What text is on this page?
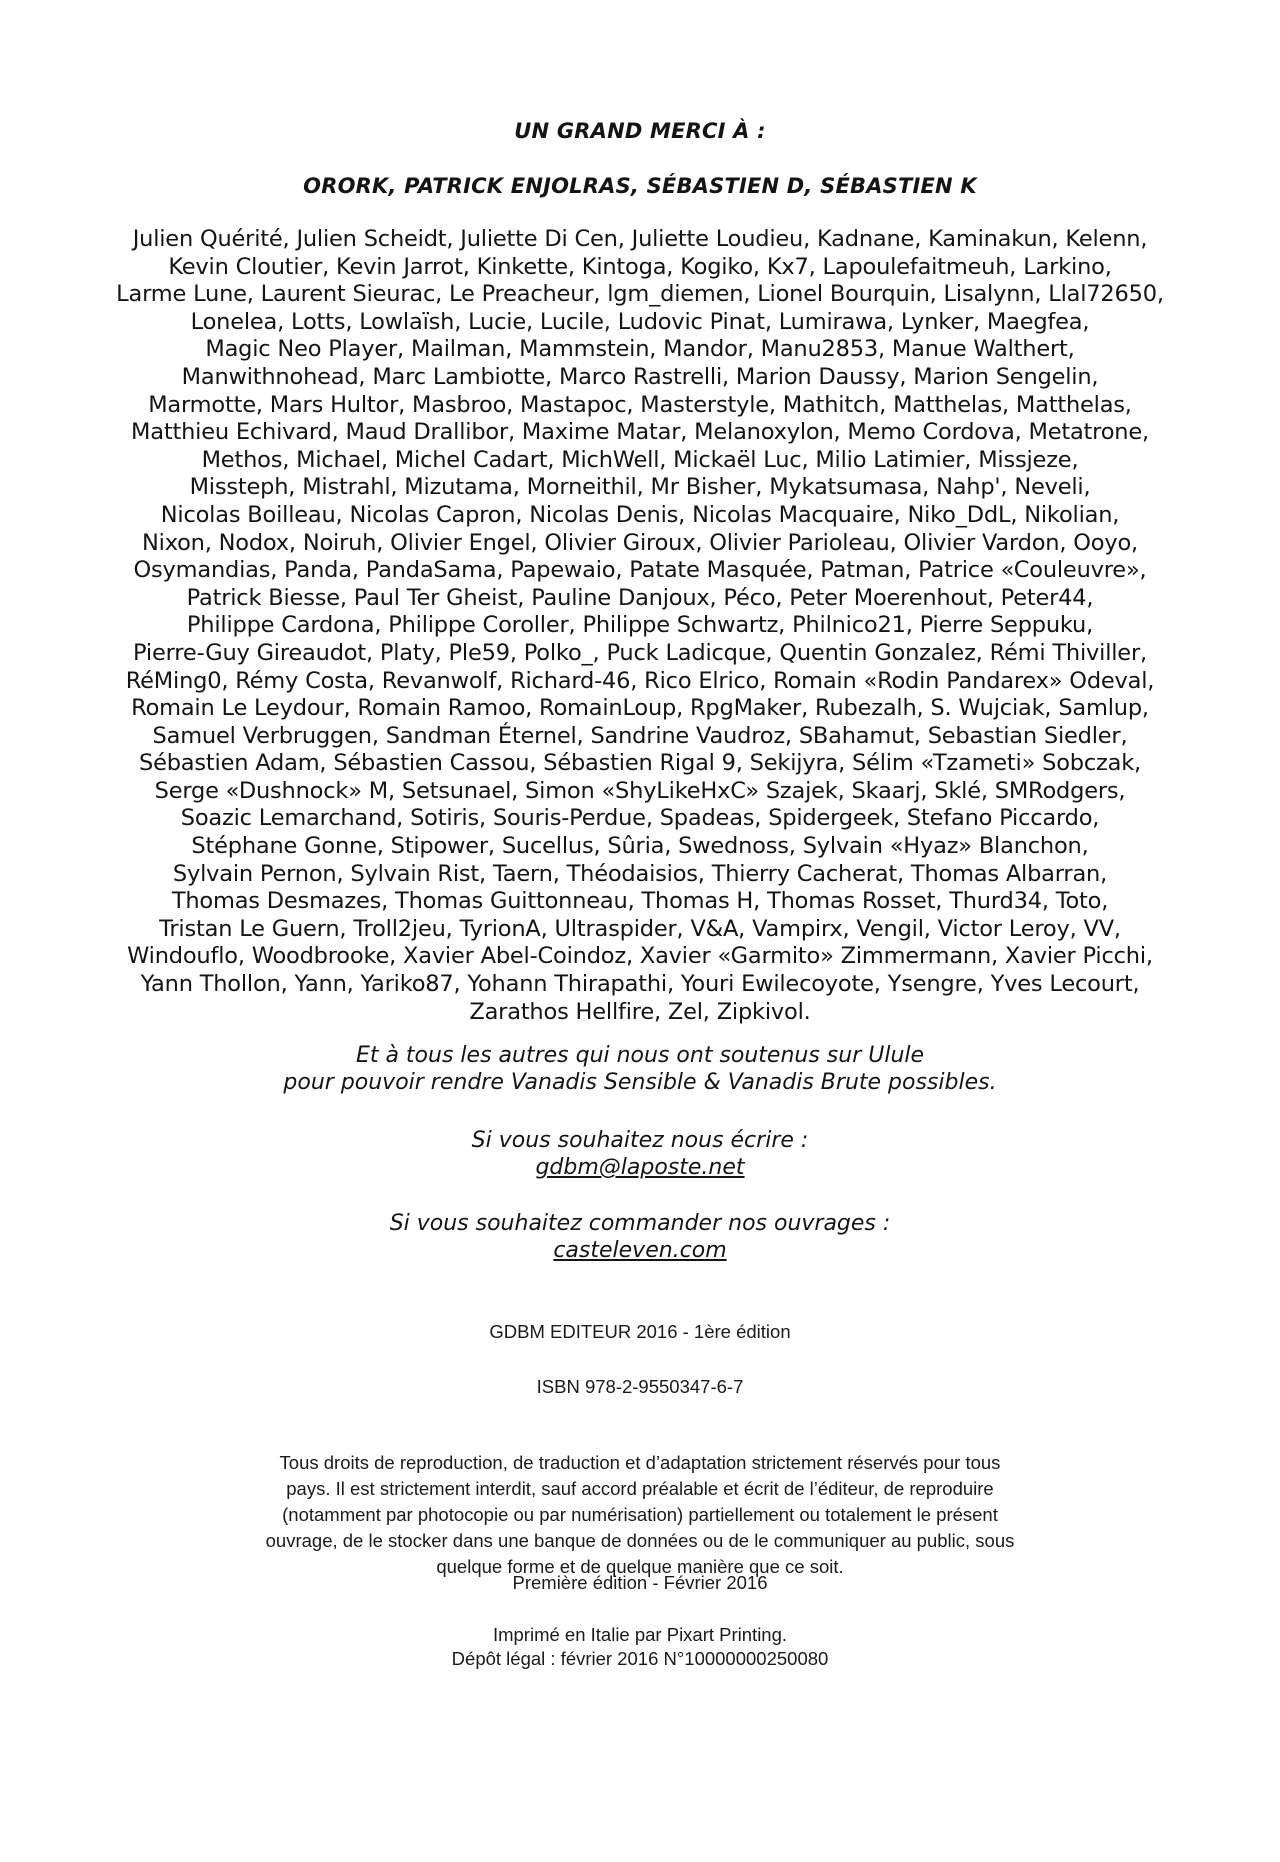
UN GRAND MERCI À :
ORORK, PATRICK ENJOLRAS, SÉBASTIEN D, SÉBASTIEN K
Julien Quérité, Julien Scheidt, Juliette Di Cen, Juliette Loudieu, Kadnane, Kaminakun, Kelenn,
Kevin Cloutier, Kevin Jarrot, Kinkette, Kintoga, Kogiko, Kx7, Lapoulefaitmeuh, Larkino,
Larme Lune, Laurent Sieurac, Le Preacheur, lgm_diemen, Lionel Bourquin, Lisalynn, Llal72650,
Lonelea, Lotts, Lowlaïsh, Lucie, Lucile, Ludovic Pinat, Lumirawa, Lynker, Maegfea,
Magic Neo Player, Mailman, Mammstein, Mandor, Manu2853, Manue Walthert,
Manwithnohead, Marc Lambiotte, Marco Rastrelli, Marion Daussy, Marion Sengelin,
Marmotte, Mars Hultor, Masbroo, Mastapoc, Masterstyle, Mathitch, Matthelas, Matthelas,
Matthieu Echivard, Maud Drallibor, Maxime Matar, Melanoxylon, Memo Cordova, Metatrone,
Methos, Michael, Michel Cadart, MichWell, Mickaël Luc, Milio Latimier, Missjeze,
Missteph, Mistrahl, Mizutama, Morneithil, Mr Bisher, Mykatsumasa, Nahp', Neveli,
Nicolas Boilleau, Nicolas Capron, Nicolas Denis, Nicolas Macquaire, Niko_DdL, Nikolian,
Nixon, Nodox, Noiruh, Olivier Engel, Olivier Giroux, Olivier Parioleau, Olivier Vardon, Ooyo,
Osymandias, Panda, PandaSama, Papewaio, Patate Masquée, Patman, Patrice «Couleuvre»,
Patrick Biesse, Paul Ter Gheist, Pauline Danjoux, Péco, Peter Moerenhout, Peter44,
Philippe Cardona, Philippe Coroller, Philippe Schwartz, Philnico21, Pierre Seppuku,
Pierre-Guy Gireaudot, Platy, Ple59, Polko_, Puck Ladicque, Quentin Gonzalez, Rémi Thiviller,
RéMing0, Rémy Costa, Revanwolf, Richard-46, Rico Elrico, Romain «Rodin Pandarex» Odeval,
Romain Le Leydour, Romain Ramoo, RomainLoup, RpgMaker, Rubezalh, S. Wujciak, Samlup,
Samuel Verbruggen, Sandman Éternel, Sandrine Vaudroz, SBahamut, Sebastian Siedler,
Sébastien Adam, Sébastien Cassou, Sébastien Rigal 9, Sekijyra, Sélim «Tzameti» Sobczak,
Serge «Dushnock» M, Setsunael, Simon «ShyLikeHxC» Szajek, Skaarj, Sklé, SMRodgers,
Soazic Lemarchand, Sotiris, Souris-Perdue, Spadeas, Spidergeek, Stefano Piccardo,
Stéphane Gonne, Stipower, Sucellus, Sûria, Swednoss, Sylvain «Hyaz» Blanchon,
Sylvain Pernon, Sylvain Rist, Taern, Théodaisios, Thierry Cacherat, Thomas Albarran,
Thomas Desmazes, Thomas Guittonneau, Thomas H, Thomas Rosset, Thurd34, Toto,
Tristan Le Guern, Troll2jeu, TyrionA, Ultraspider, V&A, Vampirx, Vengil, Victor Leroy, VV,
Windouflo, Woodbrooke, Xavier Abel-Coindoz, Xavier «Garmito» Zimmermann, Xavier Picchi,
Yann Thollon, Yann, Yariko87, Yohann Thirapathi, Youri Ewilecoyote, Ysengre, Yves Lecourt,
Zarathos Hellfire, Zel, Zipkivol.
Et à tous les autres qui nous ont soutenus sur Ulule
pour pouvoir rendre Vanadis Sensible & Vanadis Brute possibles.
Si vous souhaitez nous écrire :
gdbm@laposte.net
Si vous souhaitez commander nos ouvrages :
casteleven.com
GDBM EDITEUR 2016 - 1ère édition
ISBN 978-2-9550347-6-7
Tous droits de reproduction, de traduction et d’adaptation strictement réservés pour tous
pays. Il est strictement interdit, sauf accord préalable et écrit de l’éditeur, de reproduire
(notamment par photocopie ou par numérisation) partiellement ou totalement le présent
ouvrage, de le stocker dans une banque de données ou de le communiquer au public, sous
quelque forme et de quelque manière que ce soit.
Première édition - Février 2016
Imprimé en Italie par Pixart Printing.
Dépôt légal : février 2016 N°10000000250080
